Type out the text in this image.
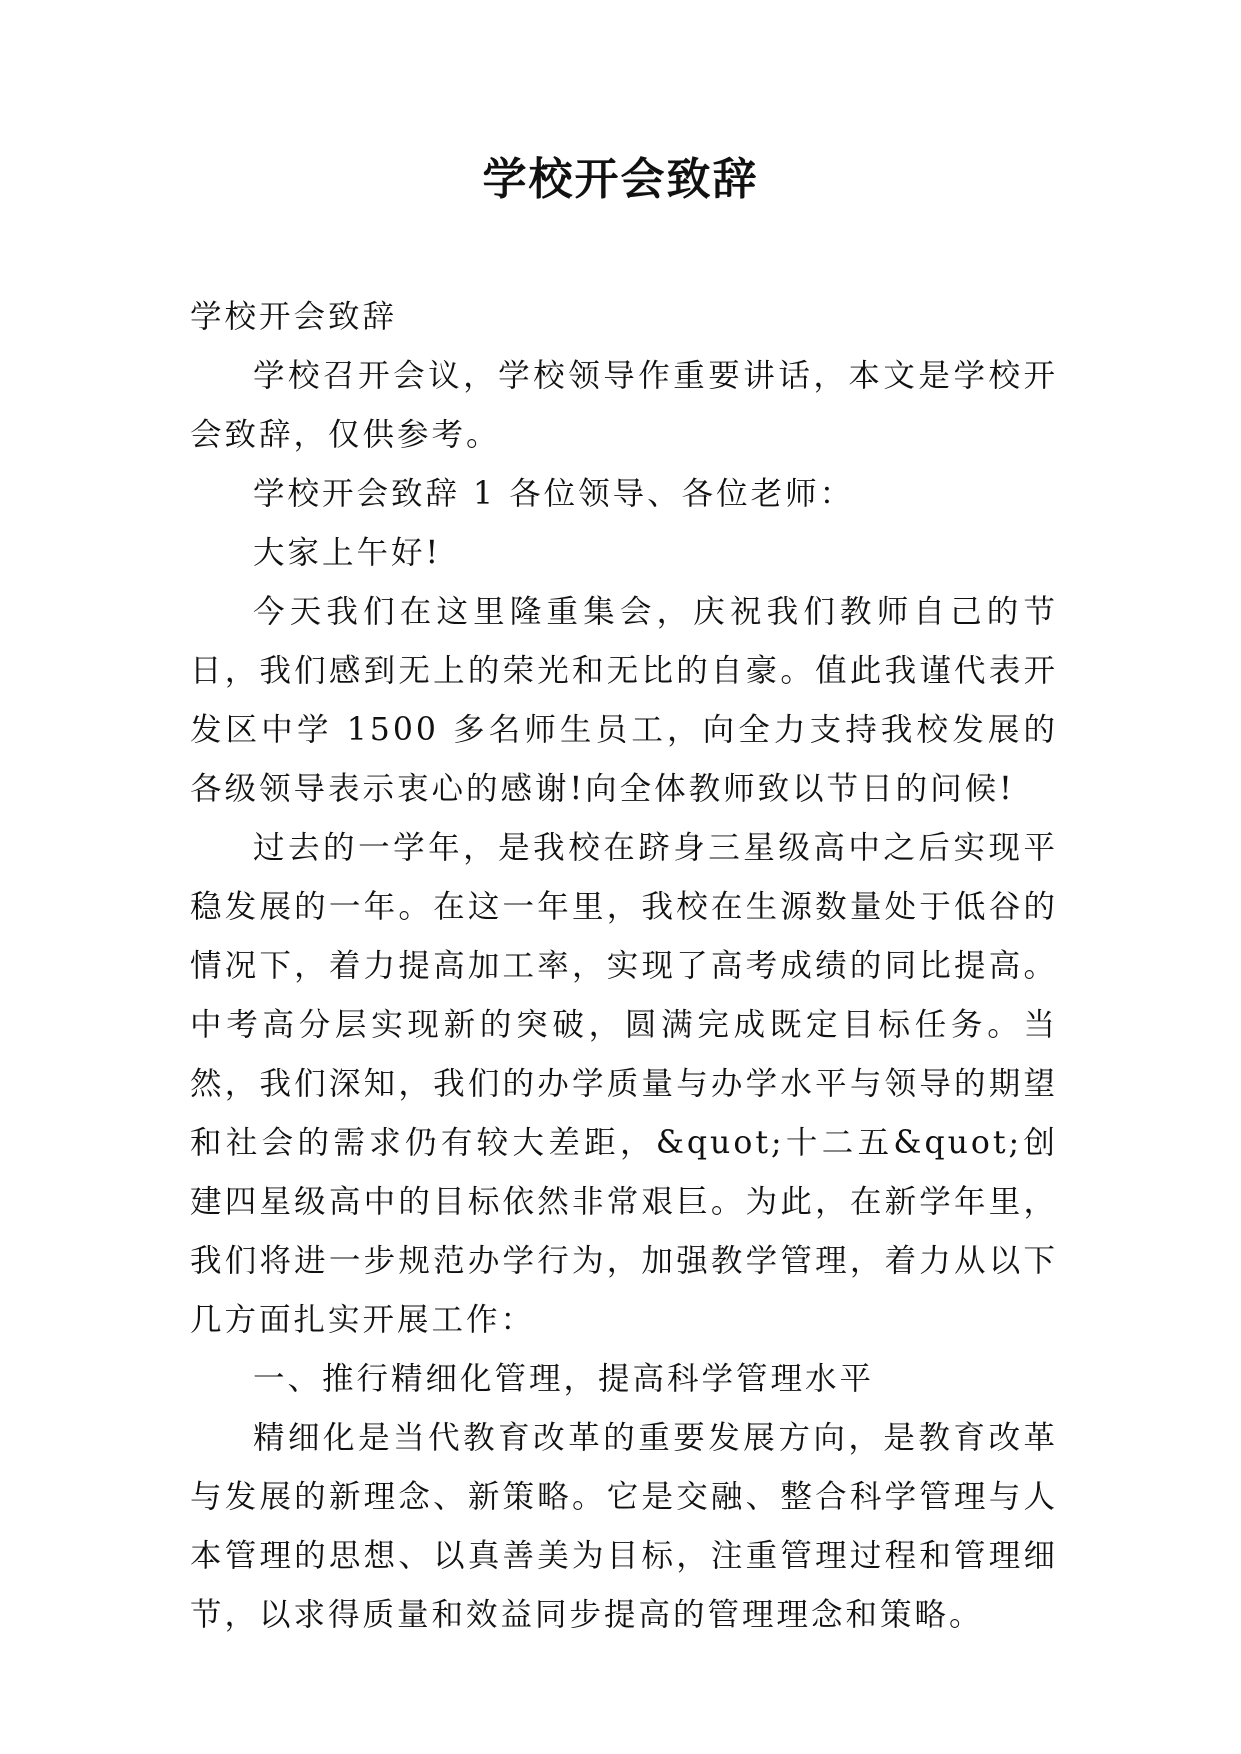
学校开会致辞

学校开会致辞

学校召开会议，学校领导作重要讲话，本文是学校开会致辞，仅供参考。

学校开会致辞 1 各位领导、各位老师：

大家上午好!

今天我们在这里隆重集会，庆祝我们教师自己的节日，我们感到无上的荣光和无比的自豪。值此我谨代表开发区中学 1500 多名师生员工，向全力支持我校发展的各级领导表示衷心的感谢!向全体教师致以节日的问候!

过去的一学年，是我校在跻身三星级高中之后实现平稳发展的一年。在这一年里，我校在生源数量处于低谷的情况下，着力提高加工率，实现了高考成绩的同比提高。中考高分层实现新的突破，圆满完成既定目标任务。当然，我们深知，我们的办学质量与办学水平与领导的期望和社会的需求仍有较大差距，&quot;十二五&quot;创建四星级高中的目标依然非常艰巨。为此，在新学年里，我们将进一步规范办学行为，加强教学管理，着力从以下几方面扎实开展工作：

一、推行精细化管理，提高科学管理水平

精细化是当代教育改革的重要发展方向，是教育改革与发展的新理念、新策略。它是交融、整合科学管理与人本管理的思想、以真善美为目标，注重管理过程和管理细节，以求得质量和效益同步提高的管理理念和策略。
